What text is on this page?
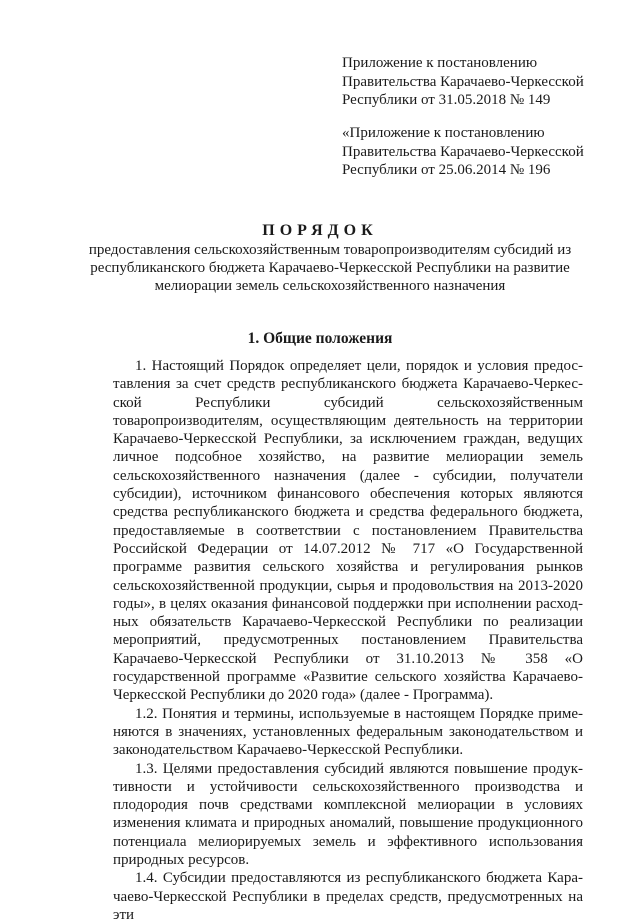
Приложение к постановлению
Правительства Карачаево-Черкесской
Республики от 31.05.2018 № 149
«Приложение к постановлению
Правительства Карачаево-Черкесской
Республики от 25.06.2014 № 196
ПОРЯДОК
предоставления сельскохозяйственным товаропроизводителям субсидий из республиканского бюджета Карачаево-Черкесской Республики на развитие мелиорации земель сельскохозяйственного назначения
1. Общие положения

1. Настоящий Порядок определяет цели, порядок и условия предоставления за счет средств республиканского бюджета Карачаево-Черкесской Республики субсидий сельскохозяйственным товаропроизводителям, осуществляющим деятельность на территории Карачаево-Черкесской Республики, за исключением граждан, ведущих личное подсобное хозяйство, на развитие мелиорации земель сельскохозяйственного назначения (далее - субсидии, получатели субсидии), источником финансового обеспечения которых являются средства республиканского бюджета и средства федерального бюджета, предоставляемые в соответствии с постановлением Правительства Российской Федерации от 14.07.2012 № 717 «О Государственной программе развития сельского хозяйства и регулирования рынков сельскохозяйственной продукции, сырья и продовольствия на 2013-2020 годы», в целях оказания финансовой поддержки при исполнении расходных обязательств Карачаево-Черкесской Республики по реализации мероприятий, предусмотренных постановлением Правительства Карачаево-Черкесской Республики от 31.10.2013 № 358 «О государственной программе «Развитие сельского хозяйства Карачаево-Черкесской Республики до 2020 года» (далее - Программа).

1.2. Понятия и термины, используемые в настоящем Порядке применяются в значениях, установленных федеральным законодательством и законодательством Карачаево-Черкесской Республики.

1.3. Целями предоставления субсидий являются повышение продуктивности и устойчивости сельскохозяйственного производства и плодородия почв средствами комплексной мелиорации в условиях изменения климата и природных аномалий, повышение продукционного потенциала мелиорируемых земель и эффективного использования природных ресурсов.

1.4. Субсидии предоставляются из республиканского бюджета Карачаево-Черкесской Республики в пределах средств, предусмотренных на эти
